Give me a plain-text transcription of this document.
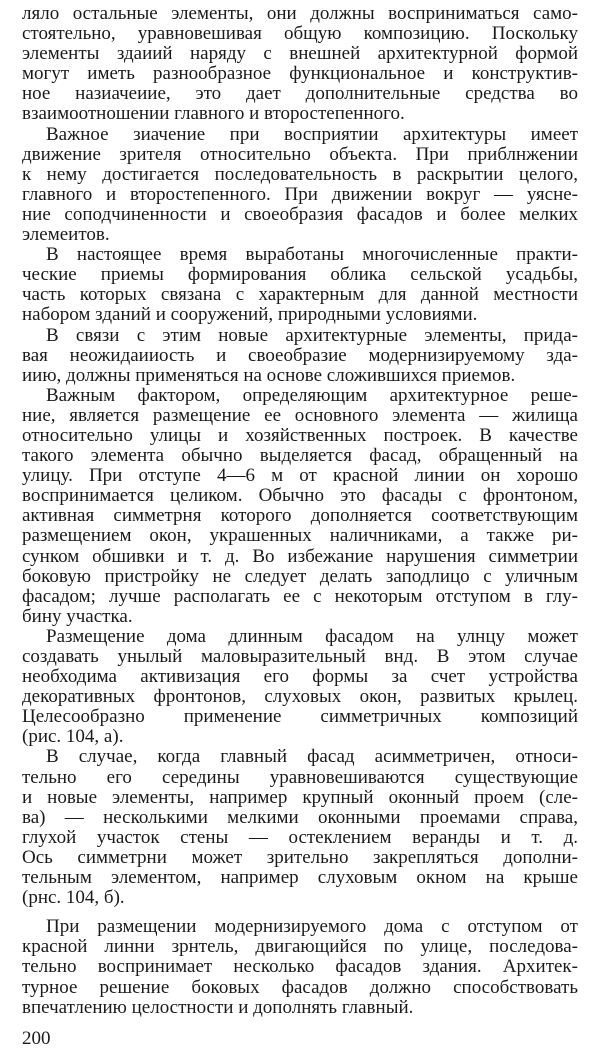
ляло остальные элементы, они должны восприниматься само-
стоятельно, уравновешивая общую композицию. Поскольку
элементы здаиий наряду с внешней архитектурной формой
могут иметь разнообразное функциональное и конструктив-
ное назиачеиие, это дает дополнительные средства во
взаимоотношении главного и второстепенного.
Важное зиачение при восприятии архитектуры имеет
движение зрителя относительно объекта. При приблнжении
к нему достигается последовательность в раскрытии целого,
главного и второстепенного. При движении вокруг — уясне-
ние соподчиненности и своеобразия фасадов и более мелких
элемеитов.
В настоящее время выработаны многочисленные практи-
ческие приемы формирования облика сельской усадьбы,
часть которых связана с характерным для данной местности
набором зданий и сооружений, природными условиями.
В связи с этим новые архитектурные элементы, прида-
вая неожидаииость и своеобразие модернизируемому зда-
иию, должны применяться на основе сложившихся приемов.
Важным фактором, определяющим архитектурное реше-
ние, является размещение ее основного элемента — жилища
относительно улицы и хозяйственных построек. В качестве
такого элемента обычно выделяется фасад, обращенный на
улицу. При отступе 4—6 м от красной линии он хорошо
воспринимается целиком. Обычно это фасады с фронтоном,
активная симметрня которого дополняется соответствующим
размещением окон, украшенных наличниками, а также ри-
сунком обшивки и т. д. Во избежание нарушения симметрии
боковую пристройку не следует делать заподлицо с уличным
фасадом; лучше располагать ее с некоторым отступом в глу-
бину участка.
Размещение дома длинным фасадом на улнцу может
создавать унылый маловыразительный внд. В этом случае
необходима активизация его формы за счет устройства
декоративных фронтонов, слуховых окон, развитых крылец.
Целесообразно применение симметричных композиций
(рис. 104, а).
В случае, когда главный фасад асимметричен, относи-
тельно его середины уравновешиваются существующие
и новые элементы, например крупный оконный проем (сле-
ва) — несколькими мелкими оконными проемами справа,
глухой участок стены — остеклением веранды и т. д.
Ось симметрни может зрительно закрепляться дополни-
тельным элементом, например слуховым окном на крыше
(рнс. 104, б).
При размещении модернизируемого дома с отступом от
красной линни зрнтель, двигающийся по улице, последова-
тельно воспринимает несколько фасадов здания. Архитек-
турное решение боковых фасадов должно способствовать
впечатлению целостности и дополнять главный.
200
